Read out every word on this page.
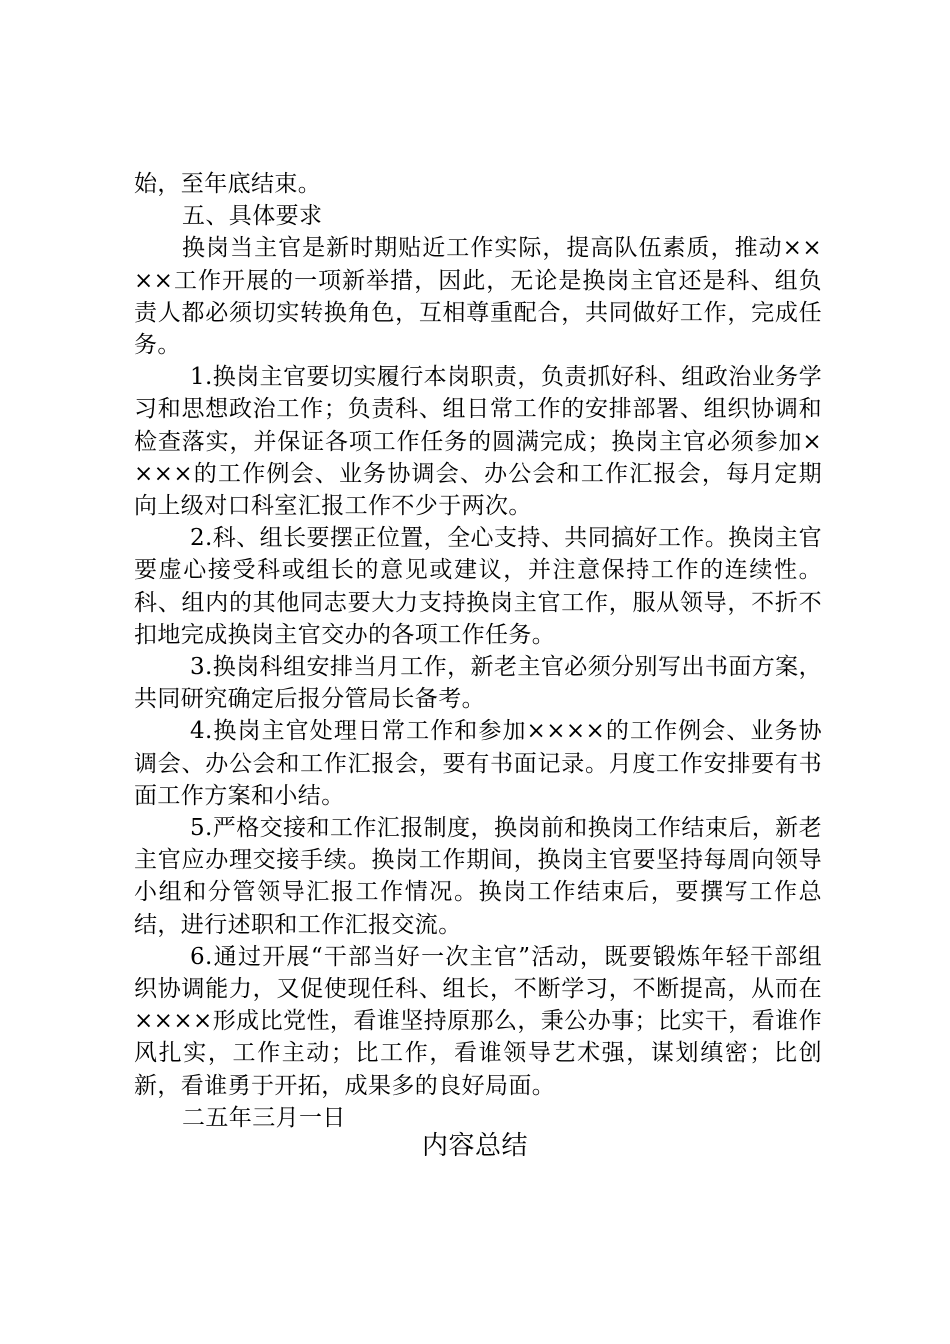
始，至年底结束。

五、具体要求

换岗当主官是新时期贴近工作实际，提高队伍素质，推动××××工作开展的一项新举措，因此，无论是换岗主官还是科、组负责人都必须切实转换角色，互相尊重配合，共同做好工作，完成任务。

1.换岗主官要切实履行本岗职责，负责抓好科、组政治业务学习和思想政治工作；负责科、组日常工作的安排部署、组织协调和检查落实，并保证各项工作任务的圆满完成；换岗主官必须参加××××的工作例会、业务协调会、办公会和工作汇报会，每月定期向上级对口科室汇报工作不少于两次。

2.科、组长要摆正位置，全心支持、共同搞好工作。换岗主官要虚心接受科或组长的意见或建议，并注意保持工作的连续性。科、组内的其他同志要大力支持换岗主官工作，服从领导，不折不扣地完成换岗主官交办的各项工作任务。

3.换岗科组安排当月工作，新老主官必须分别写出书面方案，共同研究确定后报分管局长备考。

4.换岗主官处理日常工作和参加××××的工作例会、业务协调会、办公会和工作汇报会，要有书面记录。月度工作安排要有书面工作方案和小结。

5.严格交接和工作汇报制度，换岗前和换岗工作结束后，新老主官应办理交接手续。换岗工作期间，换岗主官要坚持每周向领导小组和分管领导汇报工作情况。换岗工作结束后，要撰写工作总结，进行述职和工作汇报交流。

6.通过开展“干部当好一次主官”活动，既要锻炼年轻干部组织协调能力，又促使现任科、组长，不断学习，不断提高，从而在××××形成比党性，看谁坚持原那么，秉公办事；比实干，看谁作风扎实，工作主动；比工作，看谁领导艺术强，谋划缜密；比创新，看谁勇于开拓，成果多的良好局面。

二五年三月一日

内容总结
